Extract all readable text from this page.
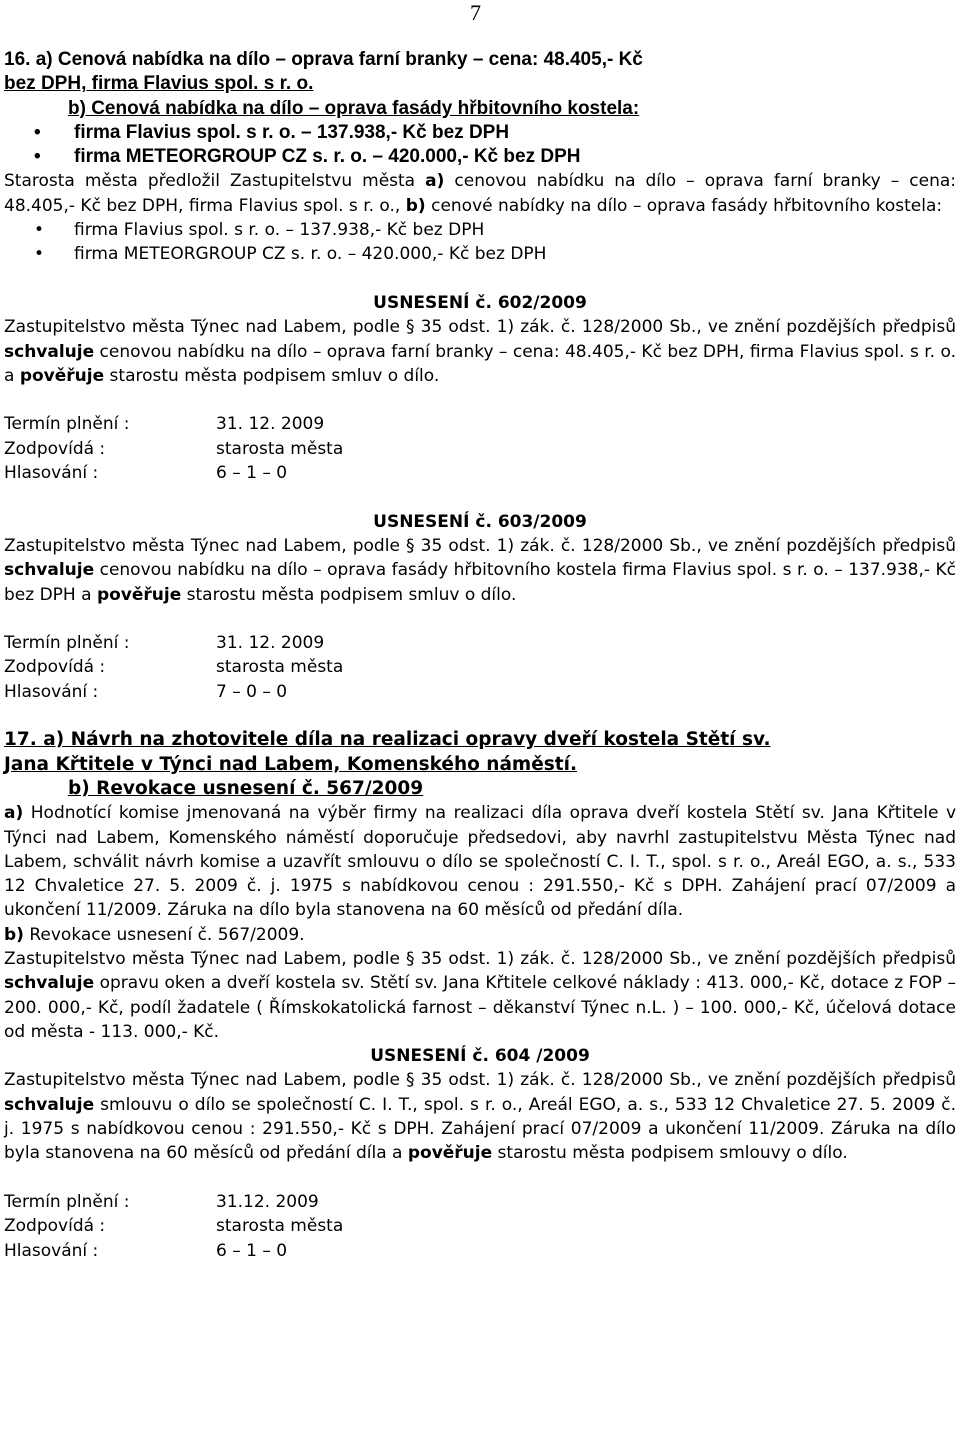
7
16. a) Cenová nabídka na dílo – oprava farní branky – cena: 48.405,- Kč
bez DPH, firma Flavius spol. s r. o.
b) Cenová nabídka na dílo – oprava fasády hřbitovního kostela:
• firma Flavius spol. s r. o. – 137.938,- Kč bez DPH
• firma METEORGROUP CZ s. r. o. – 420.000,- Kč bez DPH
Starosta města předložil Zastupitelstvu města a) cenovou nabídku na dílo – oprava farní branky – cena: 48.405,- Kč bez DPH, firma Flavius spol. s r. o., b) cenové nabídky na dílo – oprava fasády hřbitovního kostela:
• firma Flavius spol. s r. o. – 137.938,- Kč bez DPH
• firma METEORGROUP CZ s. r. o. – 420.000,- Kč bez DPH
USNESENÍ č. 602/2009
Zastupitelstvo města Týnec nad Labem, podle § 35 odst. 1) zák. č. 128/2000 Sb., ve znění pozdějších předpisů schvaluje cenovou nabídku na dílo – oprava farní branky – cena: 48.405,- Kč bez DPH, firma Flavius spol. s r. o. a pověřuje starostu města podpisem smluv o dílo.
Termín plnění :	31. 12. 2009
Zodpovídá :	starosta města
Hlasování :	6 – 1 – 0
USNESENÍ č. 603/2009
Zastupitelstvo města Týnec nad Labem, podle § 35 odst. 1) zák. č. 128/2000 Sb., ve znění pozdějších předpisů schvaluje cenovou nabídku na dílo – oprava fasády hřbitovního kostela firma Flavius spol. s r. o. – 137.938,- Kč bez DPH a pověřuje starostu města podpisem smluv o dílo.
Termín plnění :	31. 12. 2009
Zodpovídá :	starosta města
Hlasování :	7 – 0 – 0
17. a) Návrh na zhotovitele díla na realizaci opravy dveří kostela Stětí sv.
Jana Křtitele v Týnci nad Labem, Komenského náměstí.
b) Revokace usnesení č. 567/2009
a) Hodnotící komise jmenovaná na výběr firmy na realizaci díla oprava dveří kostela Stětí sv. Jana Křtitele v Týnci nad Labem, Komenského náměstí doporučuje předsedovi, aby navrhl zastupitelstvu Města Týnec nad Labem, schválit návrh komise a uzavřít smlouvu o dílo se společností C. I. T., spol. s r. o., Areál EGO, a. s., 533 12 Chvaletice 27. 5. 2009 č. j. 1975 s nabídkovou cenou : 291.550,- Kč s DPH. Zahájení prací 07/2009 a ukončení 11/2009. Záruka na dílo byla stanovena na 60 měsíců od předání díla.
b) Revokace usnesení č. 567/2009.
Zastupitelstvo města Týnec nad Labem, podle § 35 odst. 1) zák. č. 128/2000 Sb., ve znění pozdějších předpisů schvaluje opravu oken a dveří kostela sv. Stětí sv. Jana Křtitele celkové náklady : 413. 000,- Kč, dotace z FOP – 200. 000,- Kč, podíl žadatele ( Římskokatolická farnost – děkanství Týnec n.L. ) – 100. 000,- Kč, účelová dotace od města - 113. 000,- Kč.
USNESENÍ č. 604 /2009
Zastupitelstvo města Týnec nad Labem, podle § 35 odst. 1) zák. č. 128/2000 Sb., ve znění pozdějších předpisů schvaluje smlouvu o dílo se společností C. I. T., spol. s r. o., Areál EGO, a. s., 533 12 Chvaletice 27. 5. 2009 č. j. 1975 s nabídkovou cenou : 291.550,- Kč s DPH. Zahájení prací 07/2009 a ukončení 11/2009. Záruka na dílo byla stanovena na 60 měsíců od předání díla a pověřuje starostu města podpisem smlouvy o dílo.
Termín plnění :	31.12. 2009
Zodpovídá :	starosta města
Hlasování :	6 – 1 – 0
